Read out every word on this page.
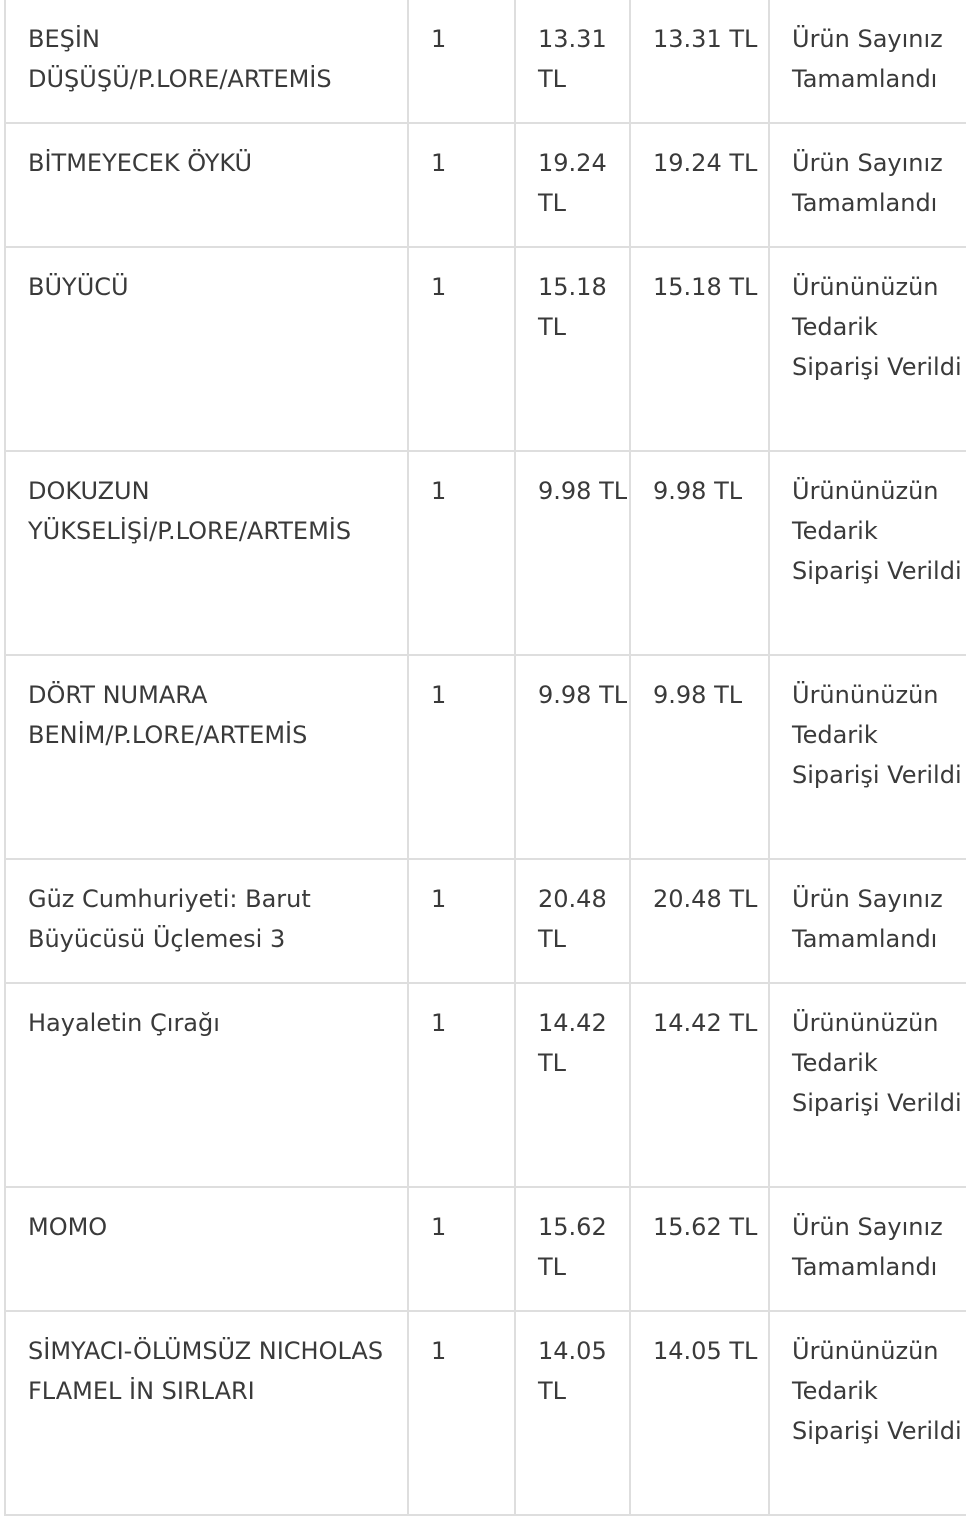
BEŞİN DÜŞÜŞÜ/P.LORE/ARTEMİS	1	13.31 TL	13.31 TL	Ürün Sayınız Tamamlandı
BİTMEYECEK ÖYKÜ	1	19.24 TL	19.24 TL	Ürün Sayınız Tamamlandı
BÜYÜCÜ	1	15.18 TL	15.18 TL	Ürününüzün Tedarik Siparişi Verildi
DOKUZUN YÜKSELİŞİ/P.LORE/ARTEMİS	1	9.98 TL	9.98 TL	Ürününüzün Tedarik Siparişi Verildi
DÖRT NUMARA BENİM/P.LORE/ARTEMİS	1	9.98 TL	9.98 TL	Ürününüzün Tedarik Siparişi Verildi
Güz Cumhuriyeti: Barut Büyücüsü Üçlemesi 3	1	20.48 TL	20.48 TL	Ürün Sayınız Tamamlandı
Hayaletin Çırağı	1	14.42 TL	14.42 TL	Ürününüzün Tedarik Siparişi Verildi
MOMO	1	15.62 TL	15.62 TL	Ürün Sayınız Tamamlandı
SİMYACI-ÖLÜMSÜZ NICHOLAS FLAMEL İN SIRLARI	1	14.05 TL	14.05 TL	Ürününüzün Tedarik Siparişi Verildi
